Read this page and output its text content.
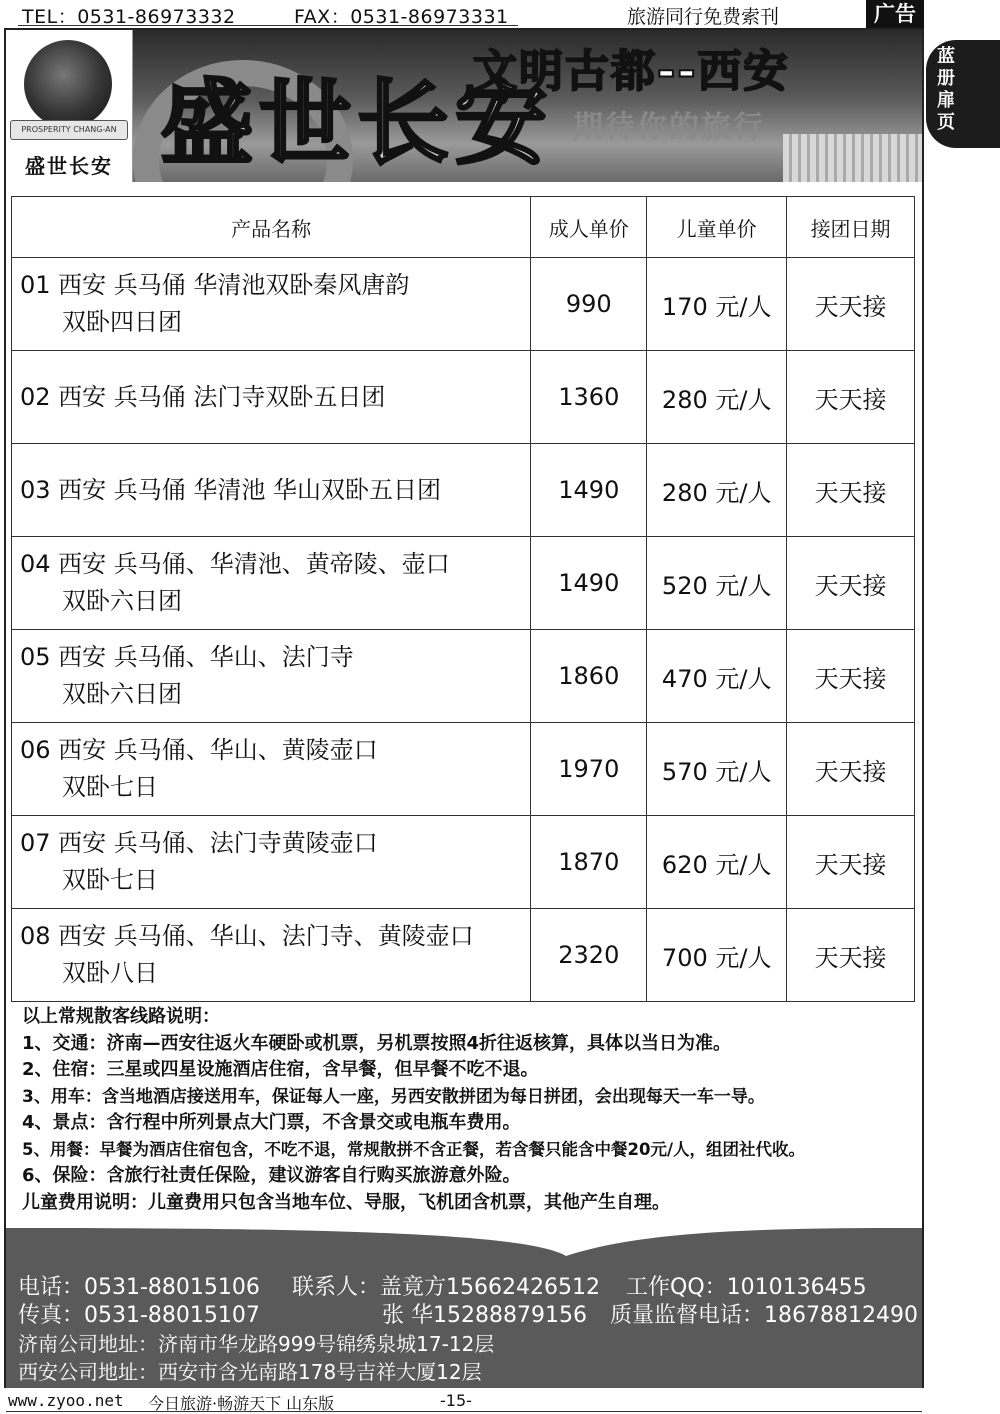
TEL：0531-86973332	FAX：0531-86973331	旅游同行免费索刊	广告
蓝
册
扉
页
PROSPERITY CHANG-AN
盛世长安 盛世长安
文明古都--西安
期待你的旅行
产品名称	成人单价	儿童单价	接团日期
01 西安 兵马俑 华清池双卧秦风唐韵
双卧四日团	990	170 元/人	天天接
02 西安 兵马俑 法门寺双卧五日团	1360	280 元/人	天天接
03 西安 兵马俑 华清池 华山双卧五日团	1490	280 元/人	天天接
04 西安 兵马俑、华清池、黄帝陵、壶口
双卧六日团	1490	520 元/人	天天接
05 西安 兵马俑、华山、法门寺
双卧六日团	1860	470 元/人	天天接
06 西安 兵马俑、华山、黄陵壶口
双卧七日	1970	570 元/人	天天接
07 西安 兵马俑、法门寺黄陵壶口
双卧七日	1870	620 元/人	天天接
08 西安 兵马俑、华山、法门寺、黄陵壶口
双卧八日	2320	700 元/人	天天接
以上常规散客线路说明：
1、交通：济南—西安往返火车硬卧或机票，另机票按照4折往返核算，具体以当日为准。
2、住宿：三星或四星设施酒店住宿，含早餐，但早餐不吃不退。
3、用车：含当地酒店接送用车，保证每人一座，另西安散拼团为每日拼团，会出现每天一车一导。
4、景点：含行程中所列景点大门票，不含景交或电瓶车费用。
5、用餐：早餐为酒店住宿包含，不吃不退，常规散拼不含正餐，若含餐只能含中餐20元/人，组团社代收。
6、保险：含旅行社责任保险，建议游客自行购买旅游意外险。
儿童费用说明：儿童费用只包含当地车位、导服，飞机团含机票，其他产生自理。
电话：0531-88015106 联系人：盖竟方15662426512 工作QQ：1010136455
传真：0531-88015107	张 华15288879156 质量监督电话：18678812490
济南公司地址：济南市华龙路999号锦绣泉城17-12层
西安公司地址：西安市含光南路178号吉祥大厦12层
www.zyoo.net 今日旅游·畅游天下 山东版	-15-
